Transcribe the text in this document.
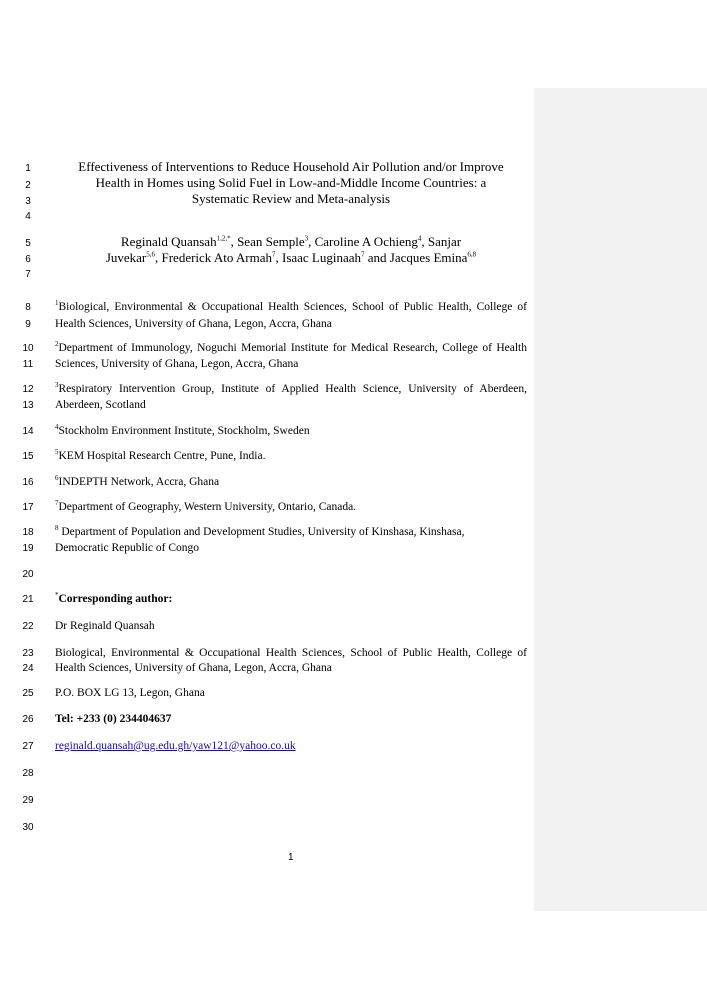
1
2
3
4
5
6
7
8
9
10
11
12
13
14
15
16
17
18
19
20
21
22
23
24
25
26
27
28
29
30
Effectiveness of Interventions to Reduce Household Air Pollution and/or Improve
Health in Homes using Solid Fuel in Low-and-Middle Income Countries: a
Systematic Review and Meta-analysis
Reginald Quansah$^{1,2,*}$, Sean Semple$^3$, Caroline A Ochieng$^4$, Sanjar
Juvekar$^{5,6}$, Frederick Ato Armah$^7$, Isaac Luginaah$^7$ and Jacques Emina$^{6,8}$
$^1$Biological, Environmental & Occupational Health Sciences, School of Public Health, College of
Health Sciences, University of Ghana, Legon, Accra, Ghana
$^2$Department of Immunology, Noguchi Memorial Institute for Medical Research, College of Health
Sciences, University of Ghana, Legon, Accra, Ghana
$^3$Respiratory Intervention Group, Institute of Applied Health Science, University of Aberdeen,
Aberdeen, Scotland
$^4$Stockholm Environment Institute, Stockholm, Sweden
$^5$KEM Hospital Research Centre, Pune, India.
$^6$INDEPTH Network, Accra, Ghana
$^7$Department of Geography, Western University, Ontario, Canada.
$^8$ Department of Population and Development Studies, University of Kinshasa, Kinshasa,
Democratic Republic of Congo
*Corresponding author:
Dr Reginald Quansah
Biological, Environmental & Occupational Health Sciences, School of Public Health, College of
Health Sciences, University of Ghana, Legon, Accra, Ghana
P.O. BOX LG 13, Legon, Ghana
Tel: +233 (0) 234404637
reginald.quansah@ug.edu.gh/yaw121@yahoo.co.uk
1
